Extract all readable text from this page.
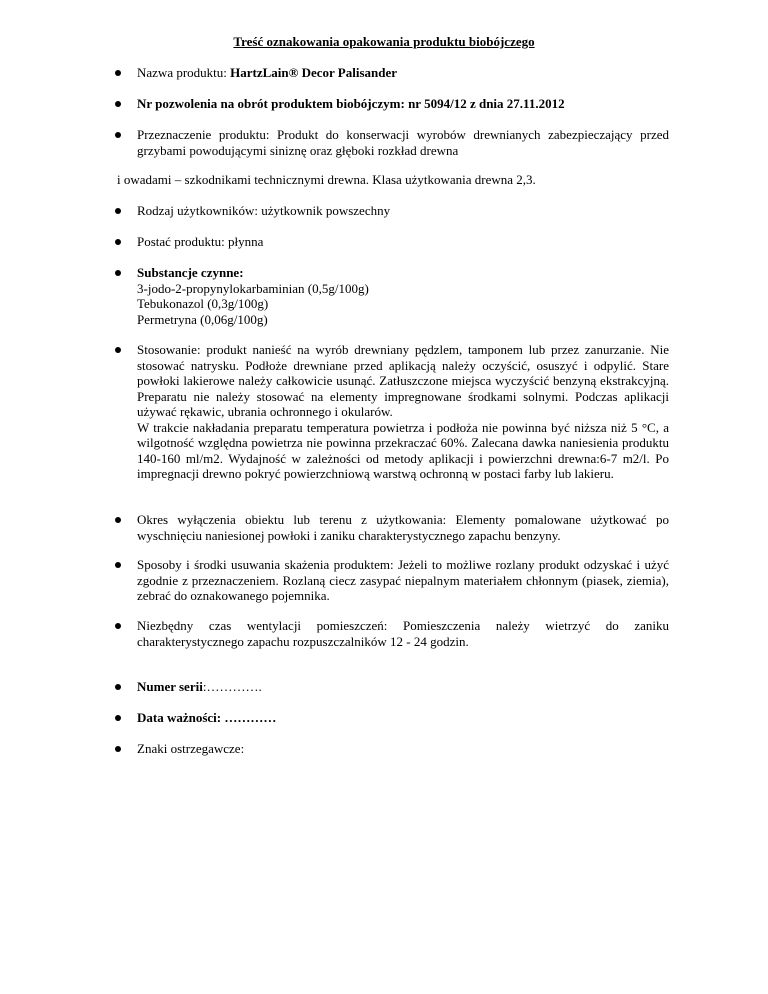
Treść oznakowania opakowania produktu biobójczego
Nazwa produktu: HartzLain® Decor Palisander
Nr pozwolenia na obrót produktem biobójczym: nr 5094/12 z dnia 27.11.2012
Przeznaczenie produktu: Produkt do konserwacji wyrobów drewnianych zabezpieczający przed grzybami powodującymi siniznę oraz głęboki rozkład drewna
i owadami – szkodnikami technicznymi drewna. Klasa użytkowania drewna 2,3.
Rodzaj użytkowników: użytkownik powszechny
Postać produktu: płynna
Substancje czynne:
3-jodo-2-propynylokarbaminian (0,5g/100g)
Tebukonazol (0,3g/100g)
Permetryna (0,06g/100g)
Stosowanie: produkt nanieść na wyrób drewniany pędzlem, tamponem lub przez zanurzanie. Nie stosować natrysku. Podłoże drewniane przed aplikacją należy oczyścić, osuszyć i odpylić. Stare powłoki lakierowe należy całkowicie usunąć. Zatłuszczone miejsca wyczyścić benzyną ekstrakcyjną. Preparatu nie należy stosować na elementy impregnowane środkami solnymi. Podczas aplikacji używać rękawic, ubrania ochronnego i okularów.
W trakcie nakładania preparatu temperatura powietrza i podłoża nie powinna być niższa niż 5 °C, a wilgotność względna powietrza nie powinna przekraczać 60%. Zalecana dawka naniesienia produktu 140-160 ml/m2. Wydajność w zależności od metody aplikacji i powierzchni drewna:6-7 m2/l. Po impregnacji drewno pokryć powierzchniową warstwą ochronną w postaci farby lub lakieru.
Okres wyłączenia obiektu lub terenu z użytkowania: Elementy pomalowane użytkować po wyschnięciu naniesionej powłoki i zaniku charakterystycznego zapachu benzyny.
Sposoby i środki usuwania skażenia produktem: Jeżeli to możliwe rozlany produkt odzyskać i użyć zgodnie z przeznaczeniem. Rozlaną ciecz zasypać niepalnym materiałem chłonnym (piasek, ziemia), zebrać do oznakowanego pojemnika.
Niezbędny czas wentylacji pomieszczeń: Pomieszczenia należy wietrzyć do zaniku charakterystycznego zapachu rozpuszczalników 12 - 24 godzin.
Numer serii:………….
Data ważności: …………
Znaki ostrzegawcze:
